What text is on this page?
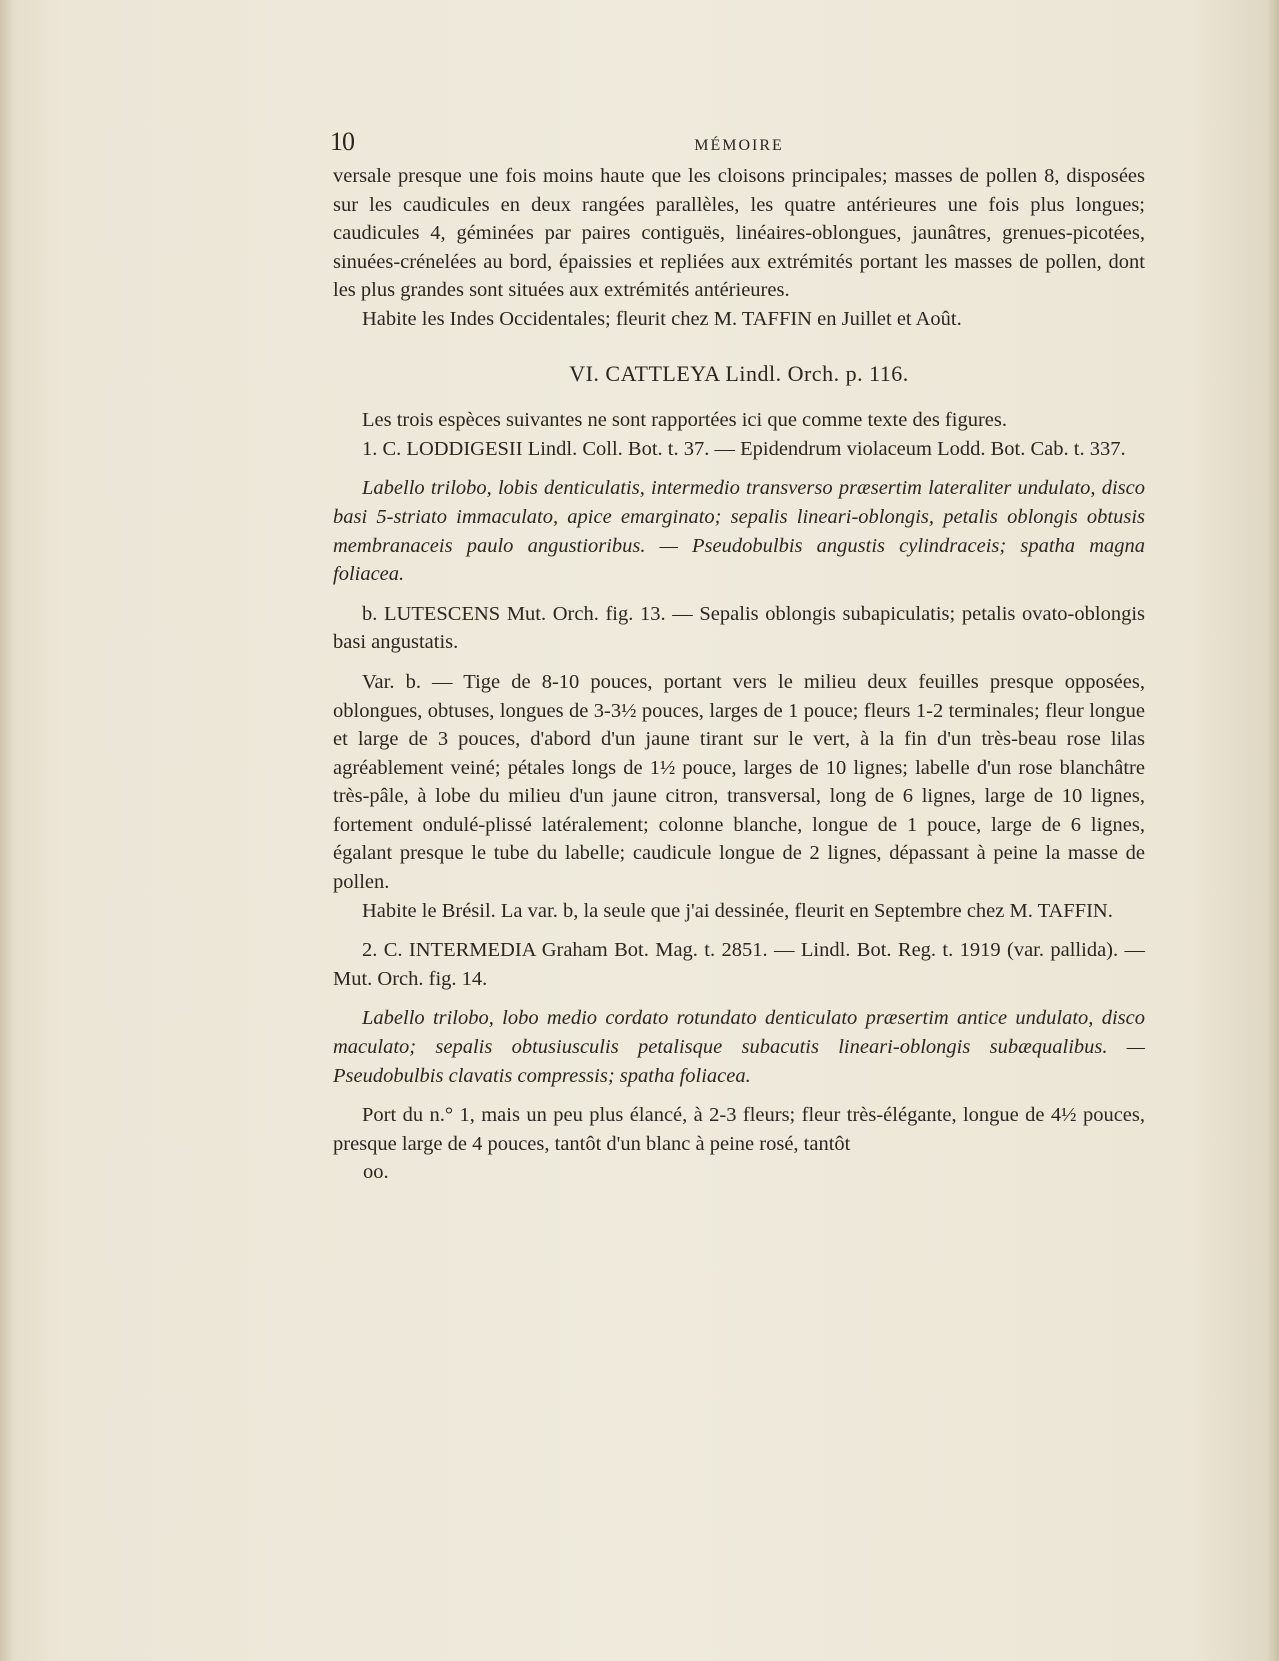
10	MÉMOIRE

versale presque une fois moins haute que les cloisons principales; masses de pollen 8, disposées sur les caudicules en deux rangées parallèles, les quatre antérieures une fois plus longues; caudicules 4, géminées par paires contiguës, linéaires-oblongues, jaunâtres, grenues-picotées, sinuées-crénelées au bord, épaissies et repliées aux extrémités portant les masses de pollen, dont les plus grandes sont situées aux extrémités antérieures.

Habite les Indes Occidentales; fleurit chez M. TAFFIN en Juillet et Août.

VI. CATTLEYA Lindl. Orch. p. 116.

Les trois espèces suivantes ne sont rapportées ici que comme texte des figures.

1. C. LODDIGESII Lindl. Coll. Bot. t. 37. — Epidendrum violaceum Lodd. Bot. Cab. t. 337.

Labello trilobo, lobis denticulatis, intermedio transverso præsertim lateraliter undulato, disco basi 5-striato immaculato, apice emarginato; sepalis lineari-oblongis, petalis oblongis obtusis membranaceis paulo angustioribus. — Pseudobulbis angustis cylindraceis; spatha magna foliacea.

b. LUTESCENS Mut. Orch. fig. 13. — Sepalis oblongis subapiculatis; petalis ovato-oblongis basi angustatis.

Var. b. — Tige de 8-10 pouces, portant vers le milieu deux feuilles presque opposées, oblongues, obtuses, longues de 3-3½ pouces, larges de 1 pouce; fleurs 1-2 terminales; fleur longue et large de 3 pouces, d'abord d'un jaune tirant sur le vert, à la fin d'un très-beau rose lilas agréablement veiné; pétales longs de 1½ pouce, larges de 10 lignes; labelle d'un rose blanchâtre très-pâle, à lobe du milieu d'un jaune citron, transversal, long de 6 lignes, large de 10 lignes, fortement ondulé-plissé latéralement; colonne blanche, longue de 1 pouce, large de 6 lignes, égalant presque le tube du labelle; caudicule longue de 2 lignes, dépassant à peine la masse de pollen.

Habite le Brésil. La var. b, la seule que j'ai dessinée, fleurit en Septembre chez M. TAFFIN.

2. C. INTERMEDIA Graham Bot. Mag. t. 2851. — Lindl. Bot. Reg. t. 1919 (var. pallida). — Mut. Orch. fig. 14.

Labello trilobo, lobo medio cordato rotundato denticulato præsertim antice undulato, disco maculato; sepalis obtusiusculis petalisque subacutis lineari-oblongis subæqualibus. — Pseudobulbis clavatis compressis; spatha foliacea.

Port du n.° 1, mais un peu plus élancé, à 2-3 fleurs; fleur très-élégante, longue de 4½ pouces, presque large de 4 pouces, tantôt d'un blanc à peine rosé, tantôt

oo.
